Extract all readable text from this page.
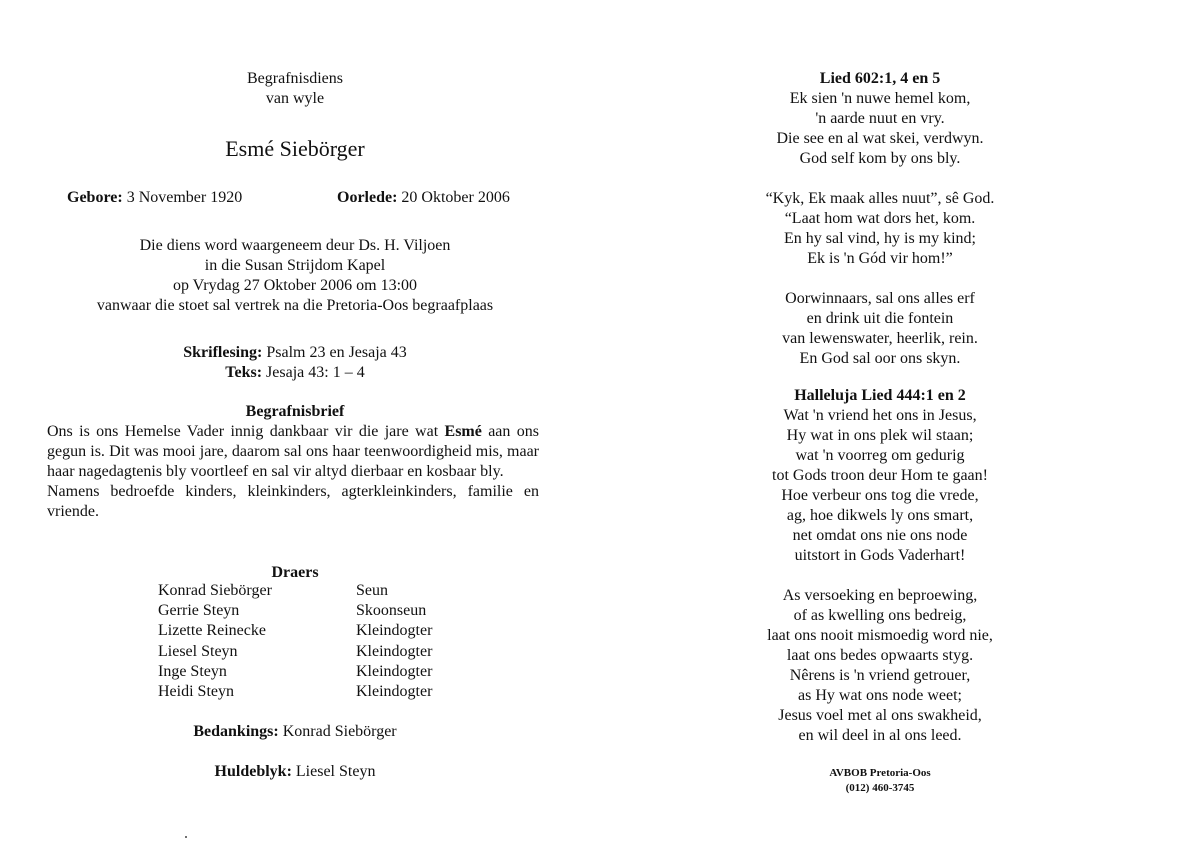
Begrafnisdiens
van wyle
Esmé Siebörger
Gebore: 3 November 1920	Oorlede: 20 Oktober 2006
Die diens word waargeneem deur Ds. H. Viljoen
in die Susan Strijdom Kapel
op Vrydag 27 Oktober 2006 om 13:00
vanwaar die stoet sal vertrek na die Pretoria-Oos begraafplaas
Skriflesing: Psalm 23 en Jesaja 43
Teks: Jesaja 43: 1 – 4
Begrafnisbrief

Ons is ons Hemelse Vader innig dankbaar vir die jare wat Esmé aan ons gegun is. Dit was mooi jare, daarom sal ons haar teenwoordigheid mis, maar haar nagedagtenis bly voortleef en sal vir altyd dierbaar en kosbaar bly.

Namens bedroefde kinders, kleinkinders, agterkleinkinders, familie en vriende.

Draers
Konrad Siebörger	Seun
Gerrie Steyn	Skoonseun
Lizette Reinecke	Kleindogter
Liesel Steyn	Kleindogter
Inge Steyn	Kleindogter
Heidi Steyn	Kleindogter
Bedankings: Konrad Siebörger
Huldeblyk: Liesel Steyn
Lied 602:1, 4 en 5
Ek sien 'n nuwe hemel kom,
'n aarde nuut en vry.
Die see en al wat skei, verdwyn.
God self kom by ons bly.
“Kyk, Ek maak alles nuut”, sê God.
“Laat hom wat dors het, kom.
En hy sal vind, hy is my kind;
Ek is 'n Gód vir hom!”
Oorwinnaars, sal ons alles erf
en drink uit die fontein
van lewenswater, heerlik, rein.
En God sal oor ons skyn.
Halleluja Lied 444:1 en 2
Wat 'n vriend het ons in Jesus,
Hy wat in ons plek wil staan;
wat 'n voorreg om gedurig
tot Gods troon deur Hom te gaan!
Hoe verbeur ons tog die vrede,
ag, hoe dikwels ly ons smart,
net omdat ons nie ons node
uitstort in Gods Vaderhart!
As versoeking en beproewing,
of as kwelling ons bedreig,
laat ons nooit mismoedig word nie,
laat ons bedes opwaarts styg.
Nêrens is 'n vriend getrouer,
as Hy wat ons node weet;
Jesus voel met al ons swakheid,
en wil deel in al ons leed.
AVBOB Pretoria-Oos
(012) 460-3745
